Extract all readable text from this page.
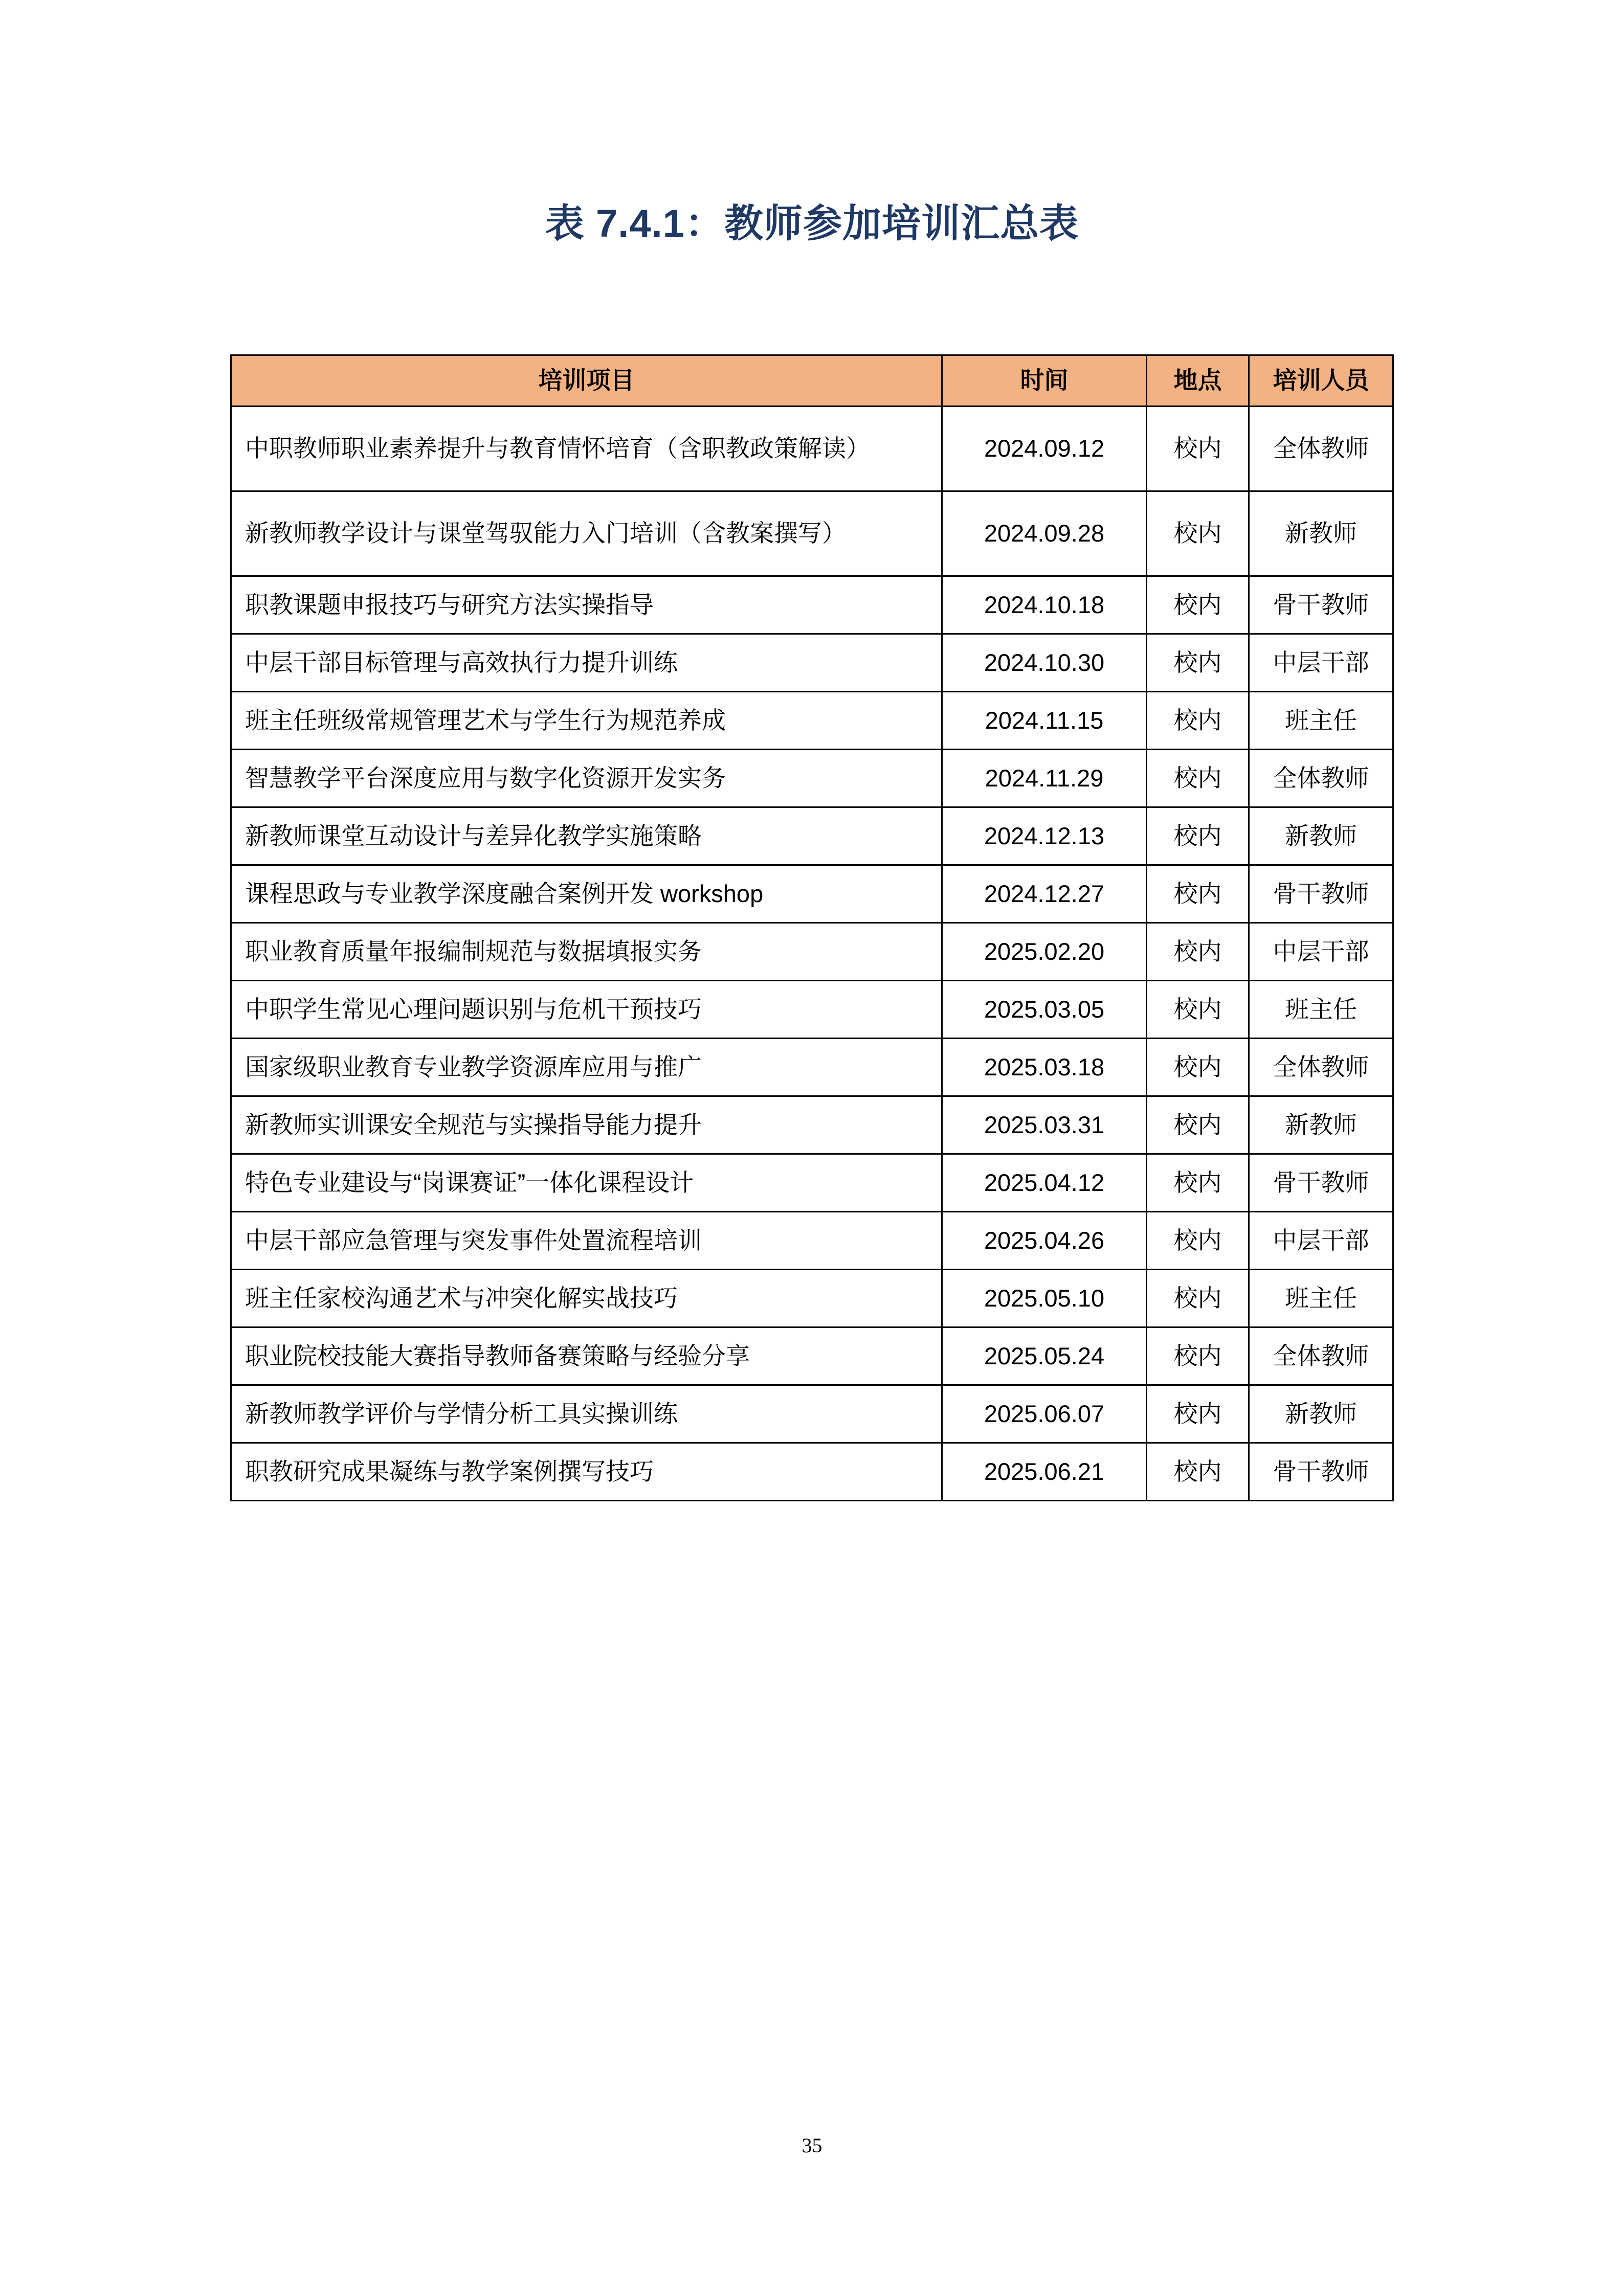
表 7.4.1：教师参加培训汇总表
培训项目	时间	地点	培训人员
中职教师职业素养提升与教育情怀培育（含职教政策解读）	2024.09.12	校内	全体教师
新教师教学设计与课堂驾驭能力入门培训（含教案撰写）	2024.09.28	校内	新教师
职教课题申报技巧与研究方法实操指导	2024.10.18	校内	骨干教师
中层干部目标管理与高效执行力提升训练	2024.10.30	校内	中层干部
班主任班级常规管理艺术与学生行为规范养成	2024.11.15	校内	班主任
智慧教学平台深度应用与数字化资源开发实务	2024.11.29	校内	全体教师
新教师课堂互动设计与差异化教学实施策略	2024.12.13	校内	新教师
课程思政与专业教学深度融合案例开发 workshop	2024.12.27	校内	骨干教师
职业教育质量年报编制规范与数据填报实务	2025.02.20	校内	中层干部
中职学生常见心理问题识别与危机干预技巧	2025.03.05	校内	班主任
国家级职业教育专业教学资源库应用与推广	2025.03.18	校内	全体教师
新教师实训课安全规范与实操指导能力提升	2025.03.31	校内	新教师
特色专业建设与“岗课赛证”一体化课程设计	2025.04.12	校内	骨干教师
中层干部应急管理与突发事件处置流程培训	2025.04.26	校内	中层干部
班主任家校沟通艺术与冲突化解实战技巧	2025.05.10	校内	班主任
职业院校技能大赛指导教师备赛策略与经验分享	2025.05.24	校内	全体教师
新教师教学评价与学情分析工具实操训练	2025.06.07	校内	新教师
职教研究成果凝练与教学案例撰写技巧	2025.06.21	校内	骨干教师
35
